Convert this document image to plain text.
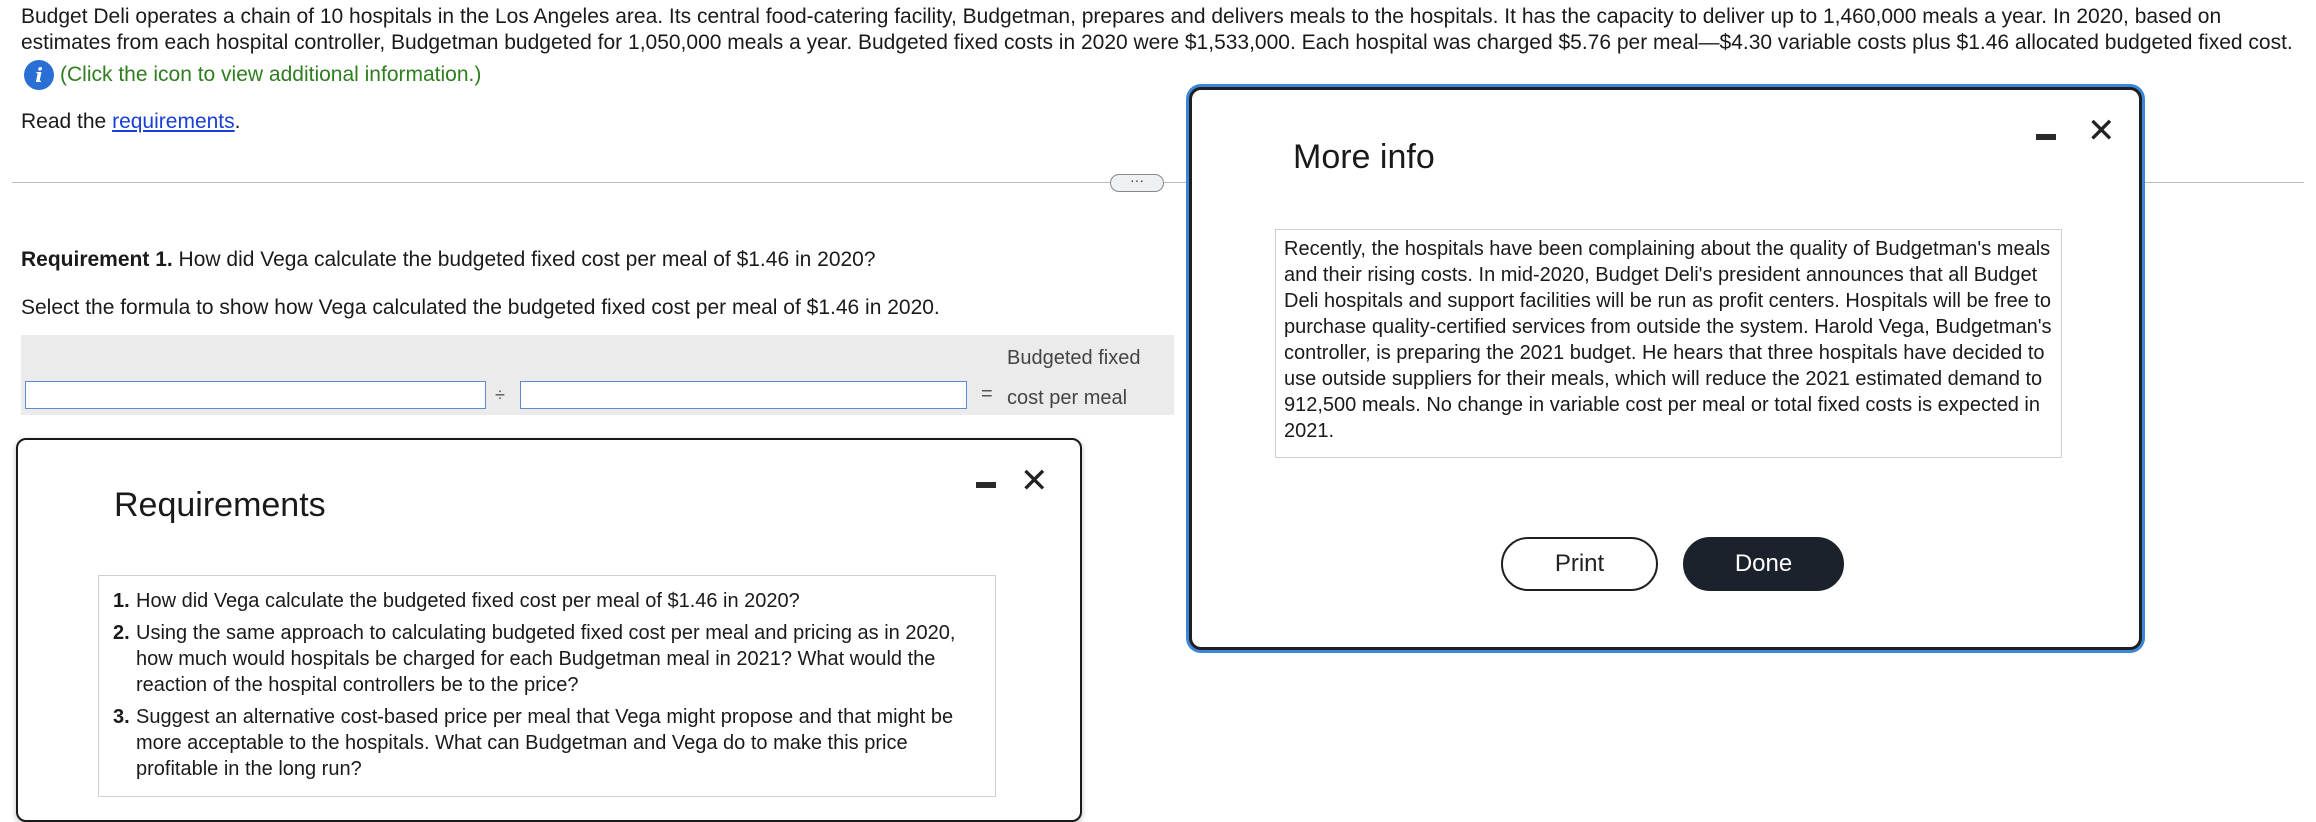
Budget Deli operates a chain of 10 hospitals in the Los Angeles area. Its central food-catering facility, Budgetman, prepares and delivers meals to the hospitals. It has the capacity to deliver up to 1,460,000 meals a year. In 2020, based on estimates from each hospital controller, Budgetman budgeted for 1,050,000 meals a year. Budgeted fixed costs in 2020 were $1,533,000. Each hospital was charged $5.76 per meal—$4.30 variable costs plus $1.46 allocated budgeted fixed cost.
i (Click the icon to view additional information.)
Read the requirements.
···
Requirement 1. How did Vega calculate the budgeted fixed cost per meal of $1.46 in 2020?
Select the formula to show how Vega calculated the budgeted fixed cost per meal of $1.46 in 2020.
Budgeted fixed
÷	= cost per meal
Requirements
✕
1. How did Vega calculate the budgeted fixed cost per meal of $1.46 in 2020?
2. Using the same approach to calculating budgeted fixed cost per meal and pricing as in 2020, how much would hospitals be charged for each Budgetman meal in 2021? What would the reaction of the hospital controllers be to the price?
3. Suggest an alternative cost-based price per meal that Vega might propose and that might be more acceptable to the hospitals. What can Budgetman and Vega do to make this price profitable in the long run?
More info
✕
Recently, the hospitals have been complaining about the quality of Budgetman's meals and their rising costs. In mid-2020, Budget Deli's president announces that all Budget Deli hospitals and support facilities will be run as profit centers. Hospitals will be free to purchase quality-certified services from outside the system. Harold Vega, Budgetman's controller, is preparing the 2021 budget. He hears that three hospitals have decided to use outside suppliers for their meals, which will reduce the 2021 estimated demand to 912,500 meals. No change in variable cost per meal or total fixed costs is expected in 2021.
Print	Done
